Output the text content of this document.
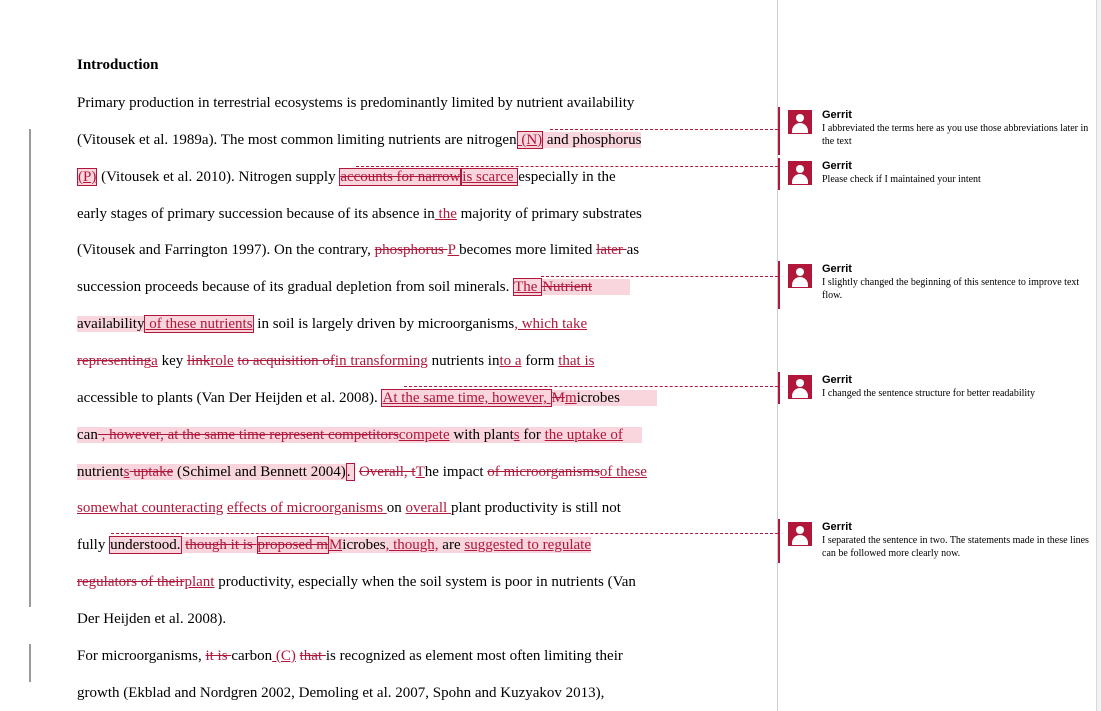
Introduction
Primary production in terrestrial ecosystems is predominantly limited by nutrient availability
(Vitousek et al. 1989a). The most common limiting nutrients are nitrogen (N) and phosphorus
(P) (Vitousek et al. 2010). Nitrogen supply accounts for narrow is scarce especially in the
early stages of primary succession because of its absence in the majority of primary substrates
(Vitousek and Farrington 1997). On the contrary, phosphorus P becomes more limited later as
succession proceeds because of its gradual depletion from soil minerals. The Nutrient
availability of these nutrients in soil is largely driven by microorganisms, which take
representinga key linkrole to acquisition ofin transforming nutrients into a form that is
accessible to plants (Van Der Heijden et al. 2008). At the same time, however, Mmicrobes
can , however, at the same time represent competitorscompete with plants for the uptake of
nutrients uptake (Schimel and Bennett 2004).  Overall, tThe impact of microorganismsof these
somewhat counteracting effects of microorganisms on overall plant productivity is still not
fully understood. though it is proposed mMicrobes, though, are suggested to regulate
regulators of theirplant productivity, especially when the soil system is poor in nutrients (Van
Der Heijden et al. 2008).
For microorganisms, it is carbon (C) that is recognized as element most often limiting their
growth (Ekblad and Nordgren 2002, Demoling et al. 2007, Spohn and Kuzyakov 2013),
Gerrit
I abbreviated the terms here as you use those abbreviations later in the text
Gerrit
Please check if I maintained your intent
Gerrit
I slightly changed the beginning of this sentence to improve text flow.
Gerrit
I changed the sentence structure for better readability
Gerrit
I separated the sentence in two. The statements made in these lines can be followed more clearly now.
